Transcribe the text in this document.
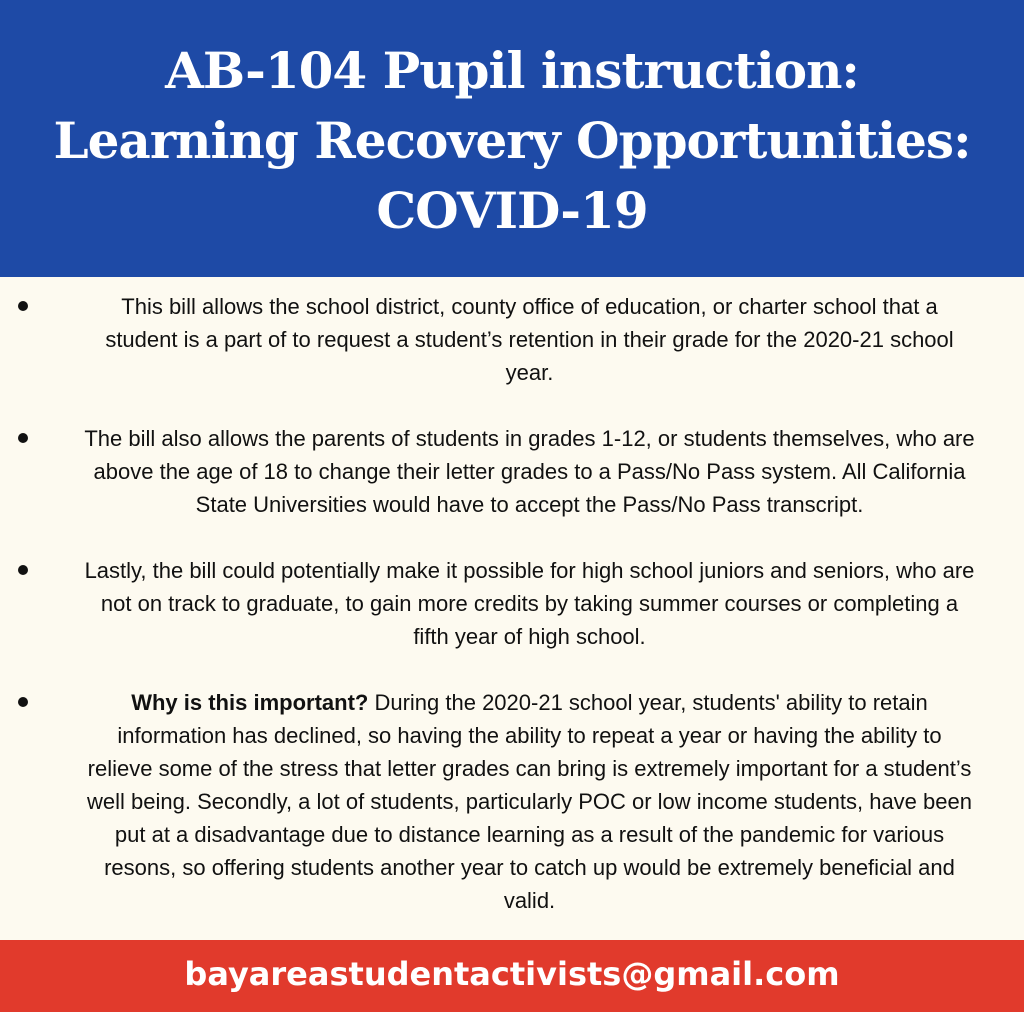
AB-104 Pupil instruction:
Learning Recovery Opportunities:
COVID-19
This bill allows the school district, county office of education, or charter school that a
student is a part of to request a student’s retention in their grade for the 2020-21 school
year.
The bill also allows the parents of students in grades 1-12, or students themselves, who are
above the age of 18 to change their letter grades to a Pass/No Pass system. All California
State Universities would have to accept the Pass/No Pass transcript.
Lastly, the bill could potentially make it possible for high school juniors and seniors, who are
not on track to graduate, to gain more credits by taking summer courses or completing a
fifth year of high school.
Why is this important? During the 2020-21 school year, students' ability to retain
information has declined, so having the ability to repeat a year or having the ability to
relieve some of the stress that letter grades can bring is extremely important for a student’s
well being. Secondly, a lot of students, particularly POC or low income students, have been
put at a disadvantage due to distance learning as a result of the pandemic for various
resons, so offering students another year to catch up would be extremely beneficial and
valid.
bayareastudentactivists@gmail.com
